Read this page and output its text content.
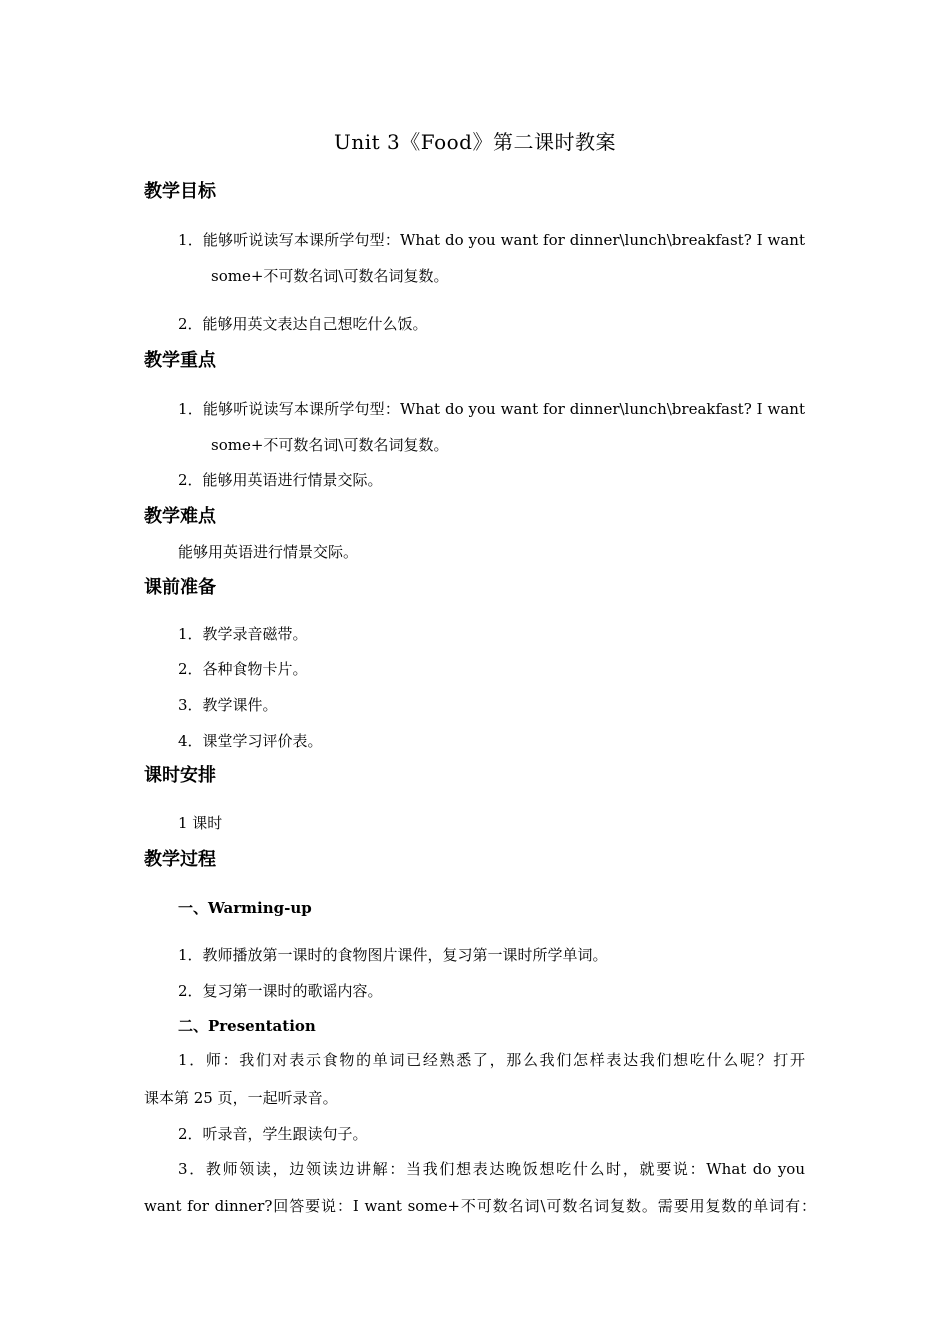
Unit 3《Food》第二课时教案
教学目标
1．能够听说读写本课所学句型：What do you want for dinner\lunch\breakfast? I want
some+不可数名词\可数名词复数。
2．能够用英文表达自己想吃什么饭。
教学重点
1．能够听说读写本课所学句型：What do you want for dinner\lunch\breakfast? I want
some+不可数名词\可数名词复数。
2．能够用英语进行情景交际。
教学难点
能够用英语进行情景交际。
课前准备
1．教学录音磁带。
2．各种食物卡片。
3．教学课件。
4．课堂学习评价表。
课时安排
1 课时
教学过程
一、Warming-up
1．教师播放第一课时的食物图片课件，复习第一课时所学单词。
2．复习第一课时的歌谣内容。
二、Presentation
1．师：我们对表示食物的单词已经熟悉了，那么我们怎样表达我们想吃什么呢？打开
课本第 25 页，一起听录音。
2．听录音，学生跟读句子。
3．教师领读，边领读边讲解：当我们想表达晚饭想吃什么时，就要说：What do you
want for dinner?回答要说：I want some+不可数名词\可数名词复数。需要用复数的单词有：
